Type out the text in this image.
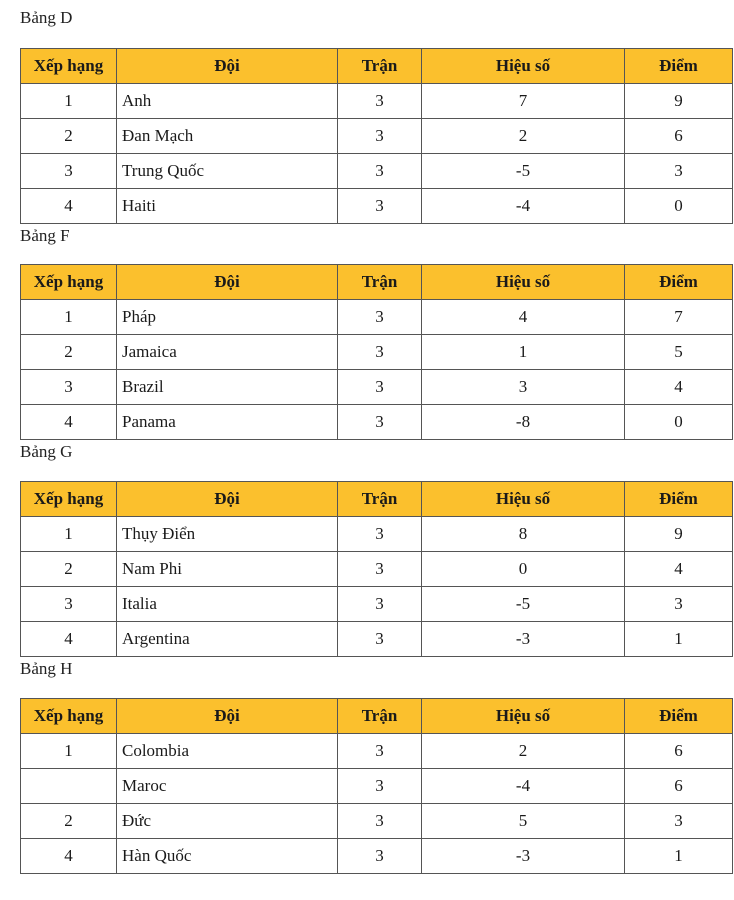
Bảng D
Xếp hạng	Đội	Trận	Hiệu số	Điểm
1	Anh	3	7	9
2	Đan Mạch	3	2	6
3	Trung Quốc	3	-5	3
4	Haiti	3	-4	0
Bảng F
Xếp hạng	Đội	Trận	Hiệu số	Điểm
1	Pháp	3	4	7
2	Jamaica	3	1	5
3	Brazil	3	3	4
4	Panama	3	-8	0
Bảng G
Xếp hạng	Đội	Trận	Hiệu số	Điểm
1	Thụy Điển	3	8	9
2	Nam Phi	3	0	4
3	Italia	3	-5	3
4	Argentina	3	-3	1
Bảng H
Xếp hạng	Đội	Trận	Hiệu số	Điểm
1	Colombia	3	2	6
	Maroc	3	-4	6
2	Đức	3	5	3
4	Hàn Quốc	3	-3	1
